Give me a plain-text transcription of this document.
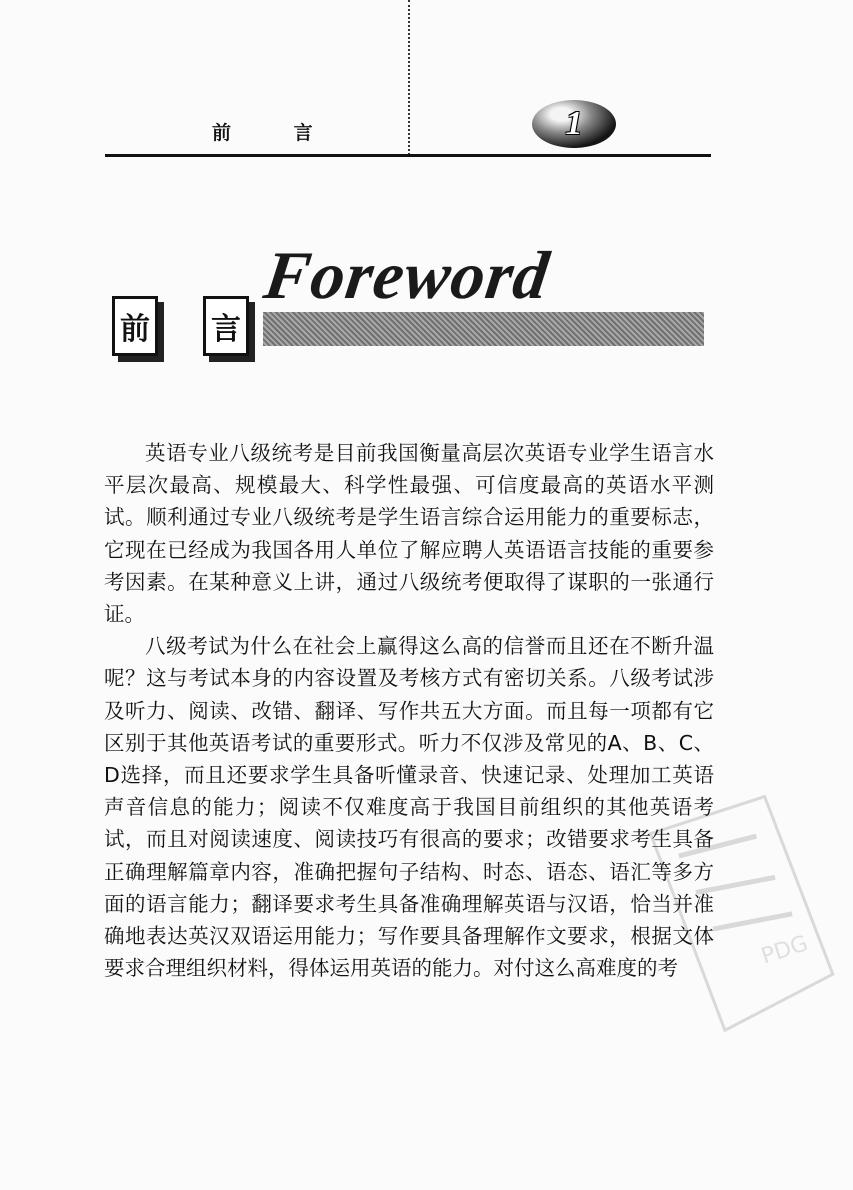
前 言	1
Foreword
前 言

英语专业八级统考是目前我国衡量高层次英语专业学生语言水平层次最高、规模最大、科学性最强、可信度最高的英语水平测试。顺利通过专业八级统考是学生语言综合运用能力的重要标志，它现在已经成为我国各用人单位了解应聘人英语语言技能的重要参考因素。在某种意义上讲，通过八级统考便取得了谋职的一张通行证。

八级考试为什么在社会上赢得这么高的信誉而且还在不断升温呢？这与考试本身的内容设置及考核方式有密切关系。八级考试涉及听力、阅读、改错、翻译、写作共五大方面。而且每一项都有它区别于其他英语考试的重要形式。听力不仅涉及常见的A、B、C、D选择，而且还要求学生具备听懂录音、快速记录、处理加工英语声音信息的能力；阅读不仅难度高于我国目前组织的其他英语考试，而且对阅读速度、阅读技巧有很高的要求；改错要求考生具备正确理解篇章内容，准确把握句子结构、时态、语态、语汇等多方面的语言能力；翻译要求考生具备准确理解英语与汉语，恰当并准确地表达英汉双语运用能力；写作要具备理解作文要求，根据文体要求合理组织材料，得体运用英语的能力。对付这么高难度的考	PDG
